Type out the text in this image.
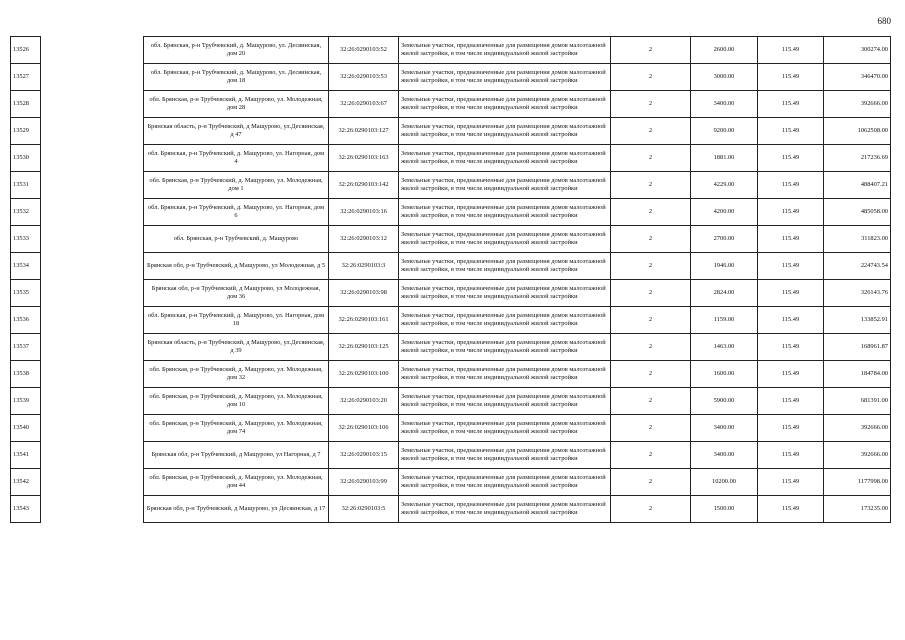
680
13526		обл. Брянская, р-н Трубчевский, д. Мащурово, ул. Десяинская, дом 20	32:26:0290103:52	Земельные участки, предназначенные для размещения домов малоэтажной жилой застройки, в том числе индивидуальной жилой застройки	2	2600.00	115.49	300274.00
13527		обл. Брянская, р-н Трубчевский, д. Мащурово, ул. Десяинская, дом 18	32:26:0290103:53	Земельные участки, предназначенные для размещения домов малоэтажной жилой застройки, в том числе индивидуальной жилой застройки	2	3000.00	115.49	346470.00
13528		обл. Брянская, р-н Трубчевский, д. Мащурово, ул. Молодежная, дом 28	32:26:0290103:67	Земельные участки, предназначенные для размещения домов малоэтажной жилой застройки, в том числе индивидуальной жилой застройки	2	3400.00	115.49	392666.00
13529		Брянская область, р-н Трубчевский, д Мащурово, ул.Десяинская, д 47	32:26:0290103:127	Земельные участки, предназначенные для размещения домов малоэтажной жилой застройки, в том числе индивидуальной жилой застройки	2	9200.00	115.49	1062508.00
13530		обл. Брянская, р-н Трубчевский, д. Мащурово, ул. Нагорная, дом 4	32:26:0290103:163	Земельные участки, предназначенные для размещения домов малоэтажной жилой застройки, в том числе индивидуальной жилой застройки	2	1881.00	115.49	217236.69
13531		обл. Брянская, р-н Трубчевский, д. Мащурово, ул. Молодежная, дом 1	32:26:0290103:142	Земельные участки, предназначенные для размещения домов малоэтажной жилой застройки, в том числе индивидуальной жилой застройки	2	4229.00	115.49	488407.21
13532		обл. Брянская, р-н Трубчевский, д. Мащурово, ул. Нагорная, дом 6	32:26:0290103:16	Земельные участки, предназначенные для размещения домов малоэтажной жилой застройки, в том числе индивидуальной жилой застройки	2	4200.00	115.49	485058.00
13533		обл. Брянская, р-н Трубчевский, д. Мащурово	32:26:0290103:12	Земельные участки, предназначенные для размещения домов малоэтажной жилой застройки, в том числе индивидуальной жилой застройки	2	2700.00	115.49	311823.00
13534		Брянская обл, р-н Трубчевский, д Мащурово, ул Молодежная, д 5	32:26:0290103:3	Земельные участки, предназначенные для размещения домов малоэтажной жилой застройки, в том числе индивидуальной жилой застройки	2	1946.00	115.49	224743.54
13535		Брянская обл, р-н Трубчевский, д Мащурово, ул Молодежная, дом 36	32:26:0290103:98	Земельные участки, предназначенные для размещения домов малоэтажной жилой застройки, в том числе индивидуальной жилой застройки	2	2824.00	115.49	326143.76
13536		обл. Брянская, р-н Трубчевский, д. Мащурово, ул. Нагорная, дом 18	32:26:0290103:161	Земельные участки, предназначенные для размещения домов малоэтажной жилой застройки, в том числе индивидуальной жилой застройки	2	1159.00	115.49	133852.91
13537		Брянская область, р-н Трубчевский, д Мащурово, ул.Десяинская, д 39	32:26:0290103:125	Земельные участки, предназначенные для размещения домов малоэтажной жилой застройки, в том числе индивидуальной жилой застройки	2	1463.00	115.49	168961.87
13538		обл. Брянская, р-н Трубчевский, д. Мащурово, ул. Молодежная, дом 32	32:26:0290103:100	Земельные участки, предназначенные для размещения домов малоэтажной жилой застройки, в том числе индивидуальной жилой застройки	2	1600.00	115.49	184784.00
13539		обл. Брянская, р-н Трубчевский, д. Мащурово, ул. Молодежная, дом 10	32:26:0290103:20	Земельные участки, предназначенные для размещения домов малоэтажной жилой застройки, в том числе индивидуальной жилой застройки	2	5900.00	115.49	681391.00
13540		обл. Брянская, р-н Трубчевский, д. Мащурово, ул. Молодежная, дом 74	32:26:0290103:106	Земельные участки, предназначенные для размещения домов малоэтажной жилой застройки, в том числе индивидуальной жилой застройки	2	3400.00	115.49	392666.00
13541		Брянская обл, р-н Трубчевский, д Мащурово, ул Нагорная, д 7	32:26:0290103:15	Земельные участки, предназначенные для размещения домов малоэтажной жилой застройки, в том числе индивидуальной жилой застройки	2	3400.00	115.49	392666.00
13542		обл. Брянская, р-н Трубчевский, д. Мащурово, ул. Молодежная, дом 44	32:26:0290103:99	Земельные участки, предназначенные для размещения домов малоэтажной жилой застройки, в том числе индивидуальной жилой застройки	2	10200.00	115.49	1177998.00
13543		Брянская обл, р-н Трубчевский, д Мащурово, ул Десяинская, д 17	32:26:0290103:5	Земельные участки, предназначенные для размещения домов малоэтажной жилой застройки, в том числе индивидуальной жилой застройки	2	1500.00	115.49	173235.00
